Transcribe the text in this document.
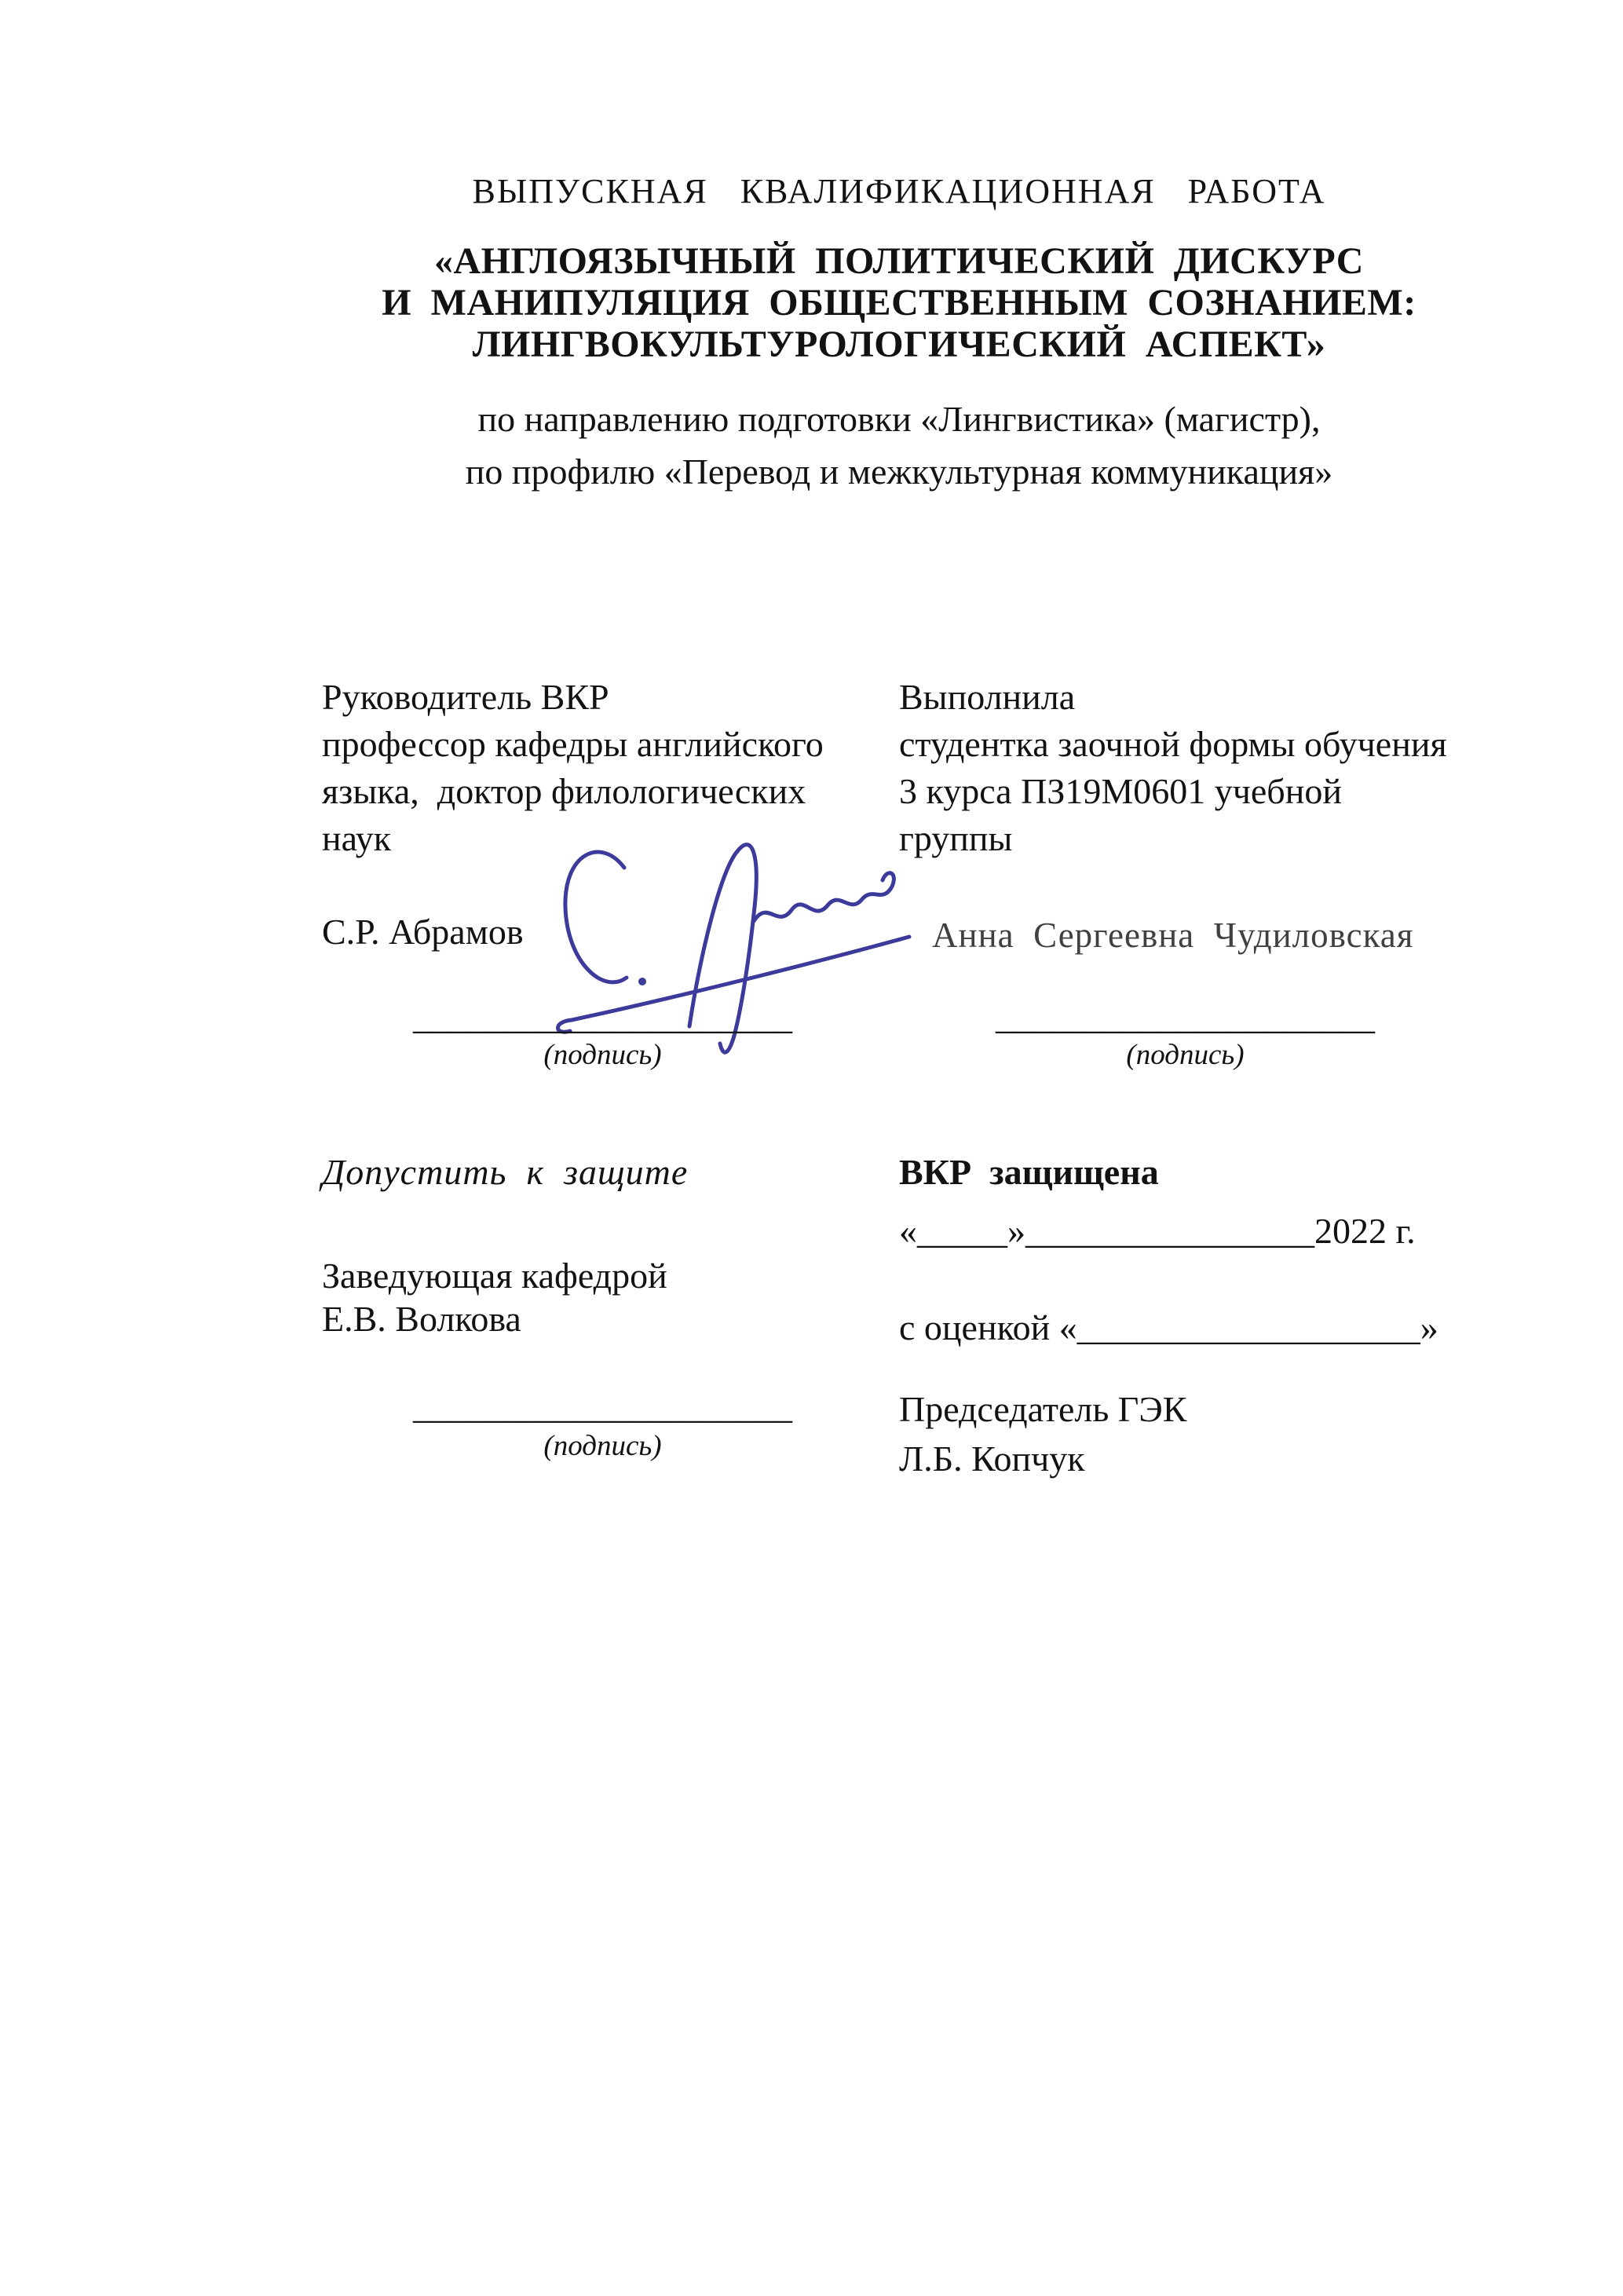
ВЫПУСКНАЯ КВАЛИФИКАЦИОННАЯ РАБОТА
«АНГЛОЯЗЫЧНЫЙ ПОЛИТИЧЕСКИЙ ДИСКУРС
И МАНИПУЛЯЦИЯ ОБЩЕСТВЕННЫМ СОЗНАНИЕМ:
ЛИНГВОКУЛЬТУРОЛОГИЧЕСКИЙ АСПЕКТ»
по направлению подготовки «Лингвистика» (магистр),
по профилю «Перевод и межкультурная коммуникация»
Руководитель ВКР
профессор кафедры английского
языка,  доктор филологических
наук
Выполнила
студентка заочной формы обучения
3 курса ПЗ19М0601 учебной
группы
С.Р. Абрамов	Анна  Сергеевна  Чудиловская
_____________________
(подпись)
_____________________
(подпись)
Допустить  к  защите	ВКР  защищена
«_____»________________2022 г.
Заведующая кафедрой
Е.В. Волкова	с оценкой «___________________»
_____________________
(подпись)
Председатель ГЭК
Л.Б. Копчук
